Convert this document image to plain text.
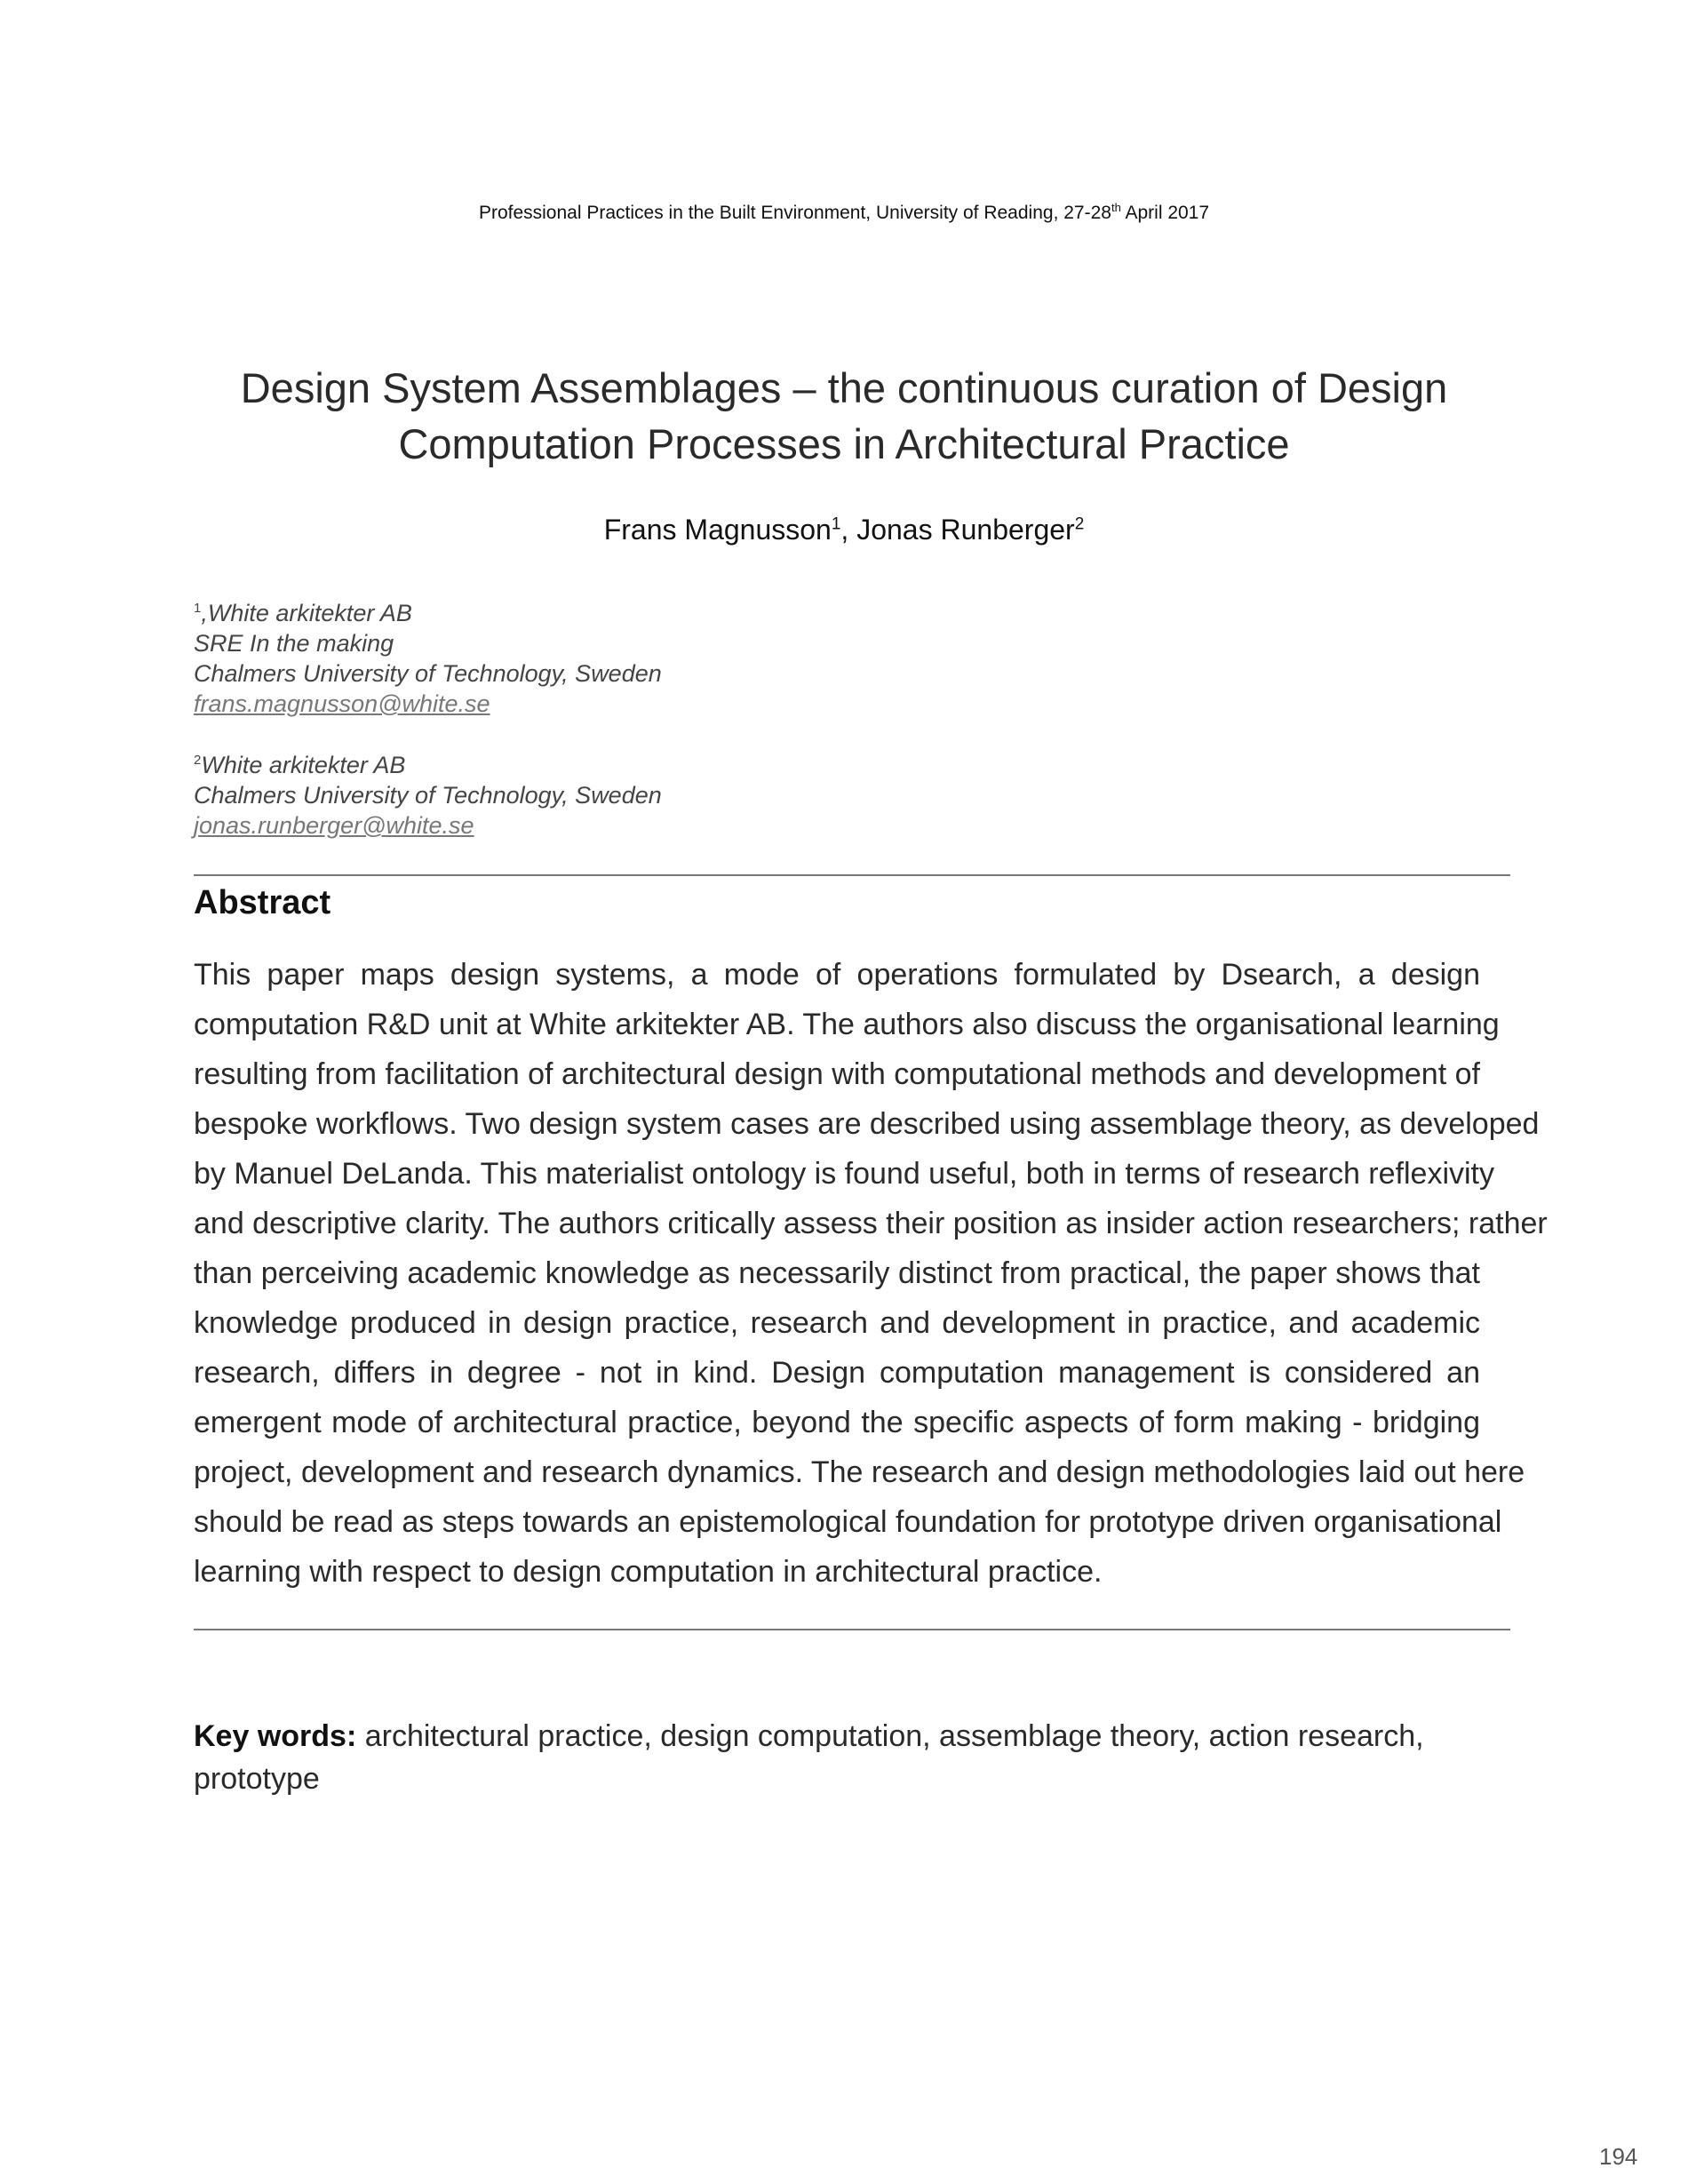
Professional Practices in the Built Environment, University of Reading, 27-28th April 2017
Design System Assemblages – the continuous curation of Design
Computation Processes in Architectural Practice
Frans Magnusson$^1$, Jonas Runberger$^2$
$^1$,White arkitekter AB
SRE In the making
Chalmers University of Technology, Sweden
frans.magnusson@white.se
$^2$White arkitekter AB
Chalmers University of Technology, Sweden
jonas.runberger@white.se
Abstract
This paper maps design systems, a mode of operations formulated by Dsearch, a design
computation R&D unit at White arkitekter AB. The authors also discuss the organisational learning
resulting from facilitation of architectural design with computational methods and development of
bespoke workflows. Two design system cases are described using assemblage theory, as developed
by Manuel DeLanda. This materialist ontology is found useful, both in terms of research reflexivity
and descriptive clarity. The authors critically assess their position as insider action researchers; rather
than perceiving academic knowledge as necessarily distinct from practical, the paper shows that
knowledge produced in design practice, research and development in practice, and academic
research, differs in degree - not in kind. Design computation management is considered an
emergent mode of architectural practice, beyond the specific aspects of form making - bridging
project, development and research dynamics. The research and design methodologies laid out here
should be read as steps towards an epistemological foundation for prototype driven organisational
learning with respect to design computation in architectural practice.
Key words: architectural practice, design computation, assemblage theory, action research, prototype
194
